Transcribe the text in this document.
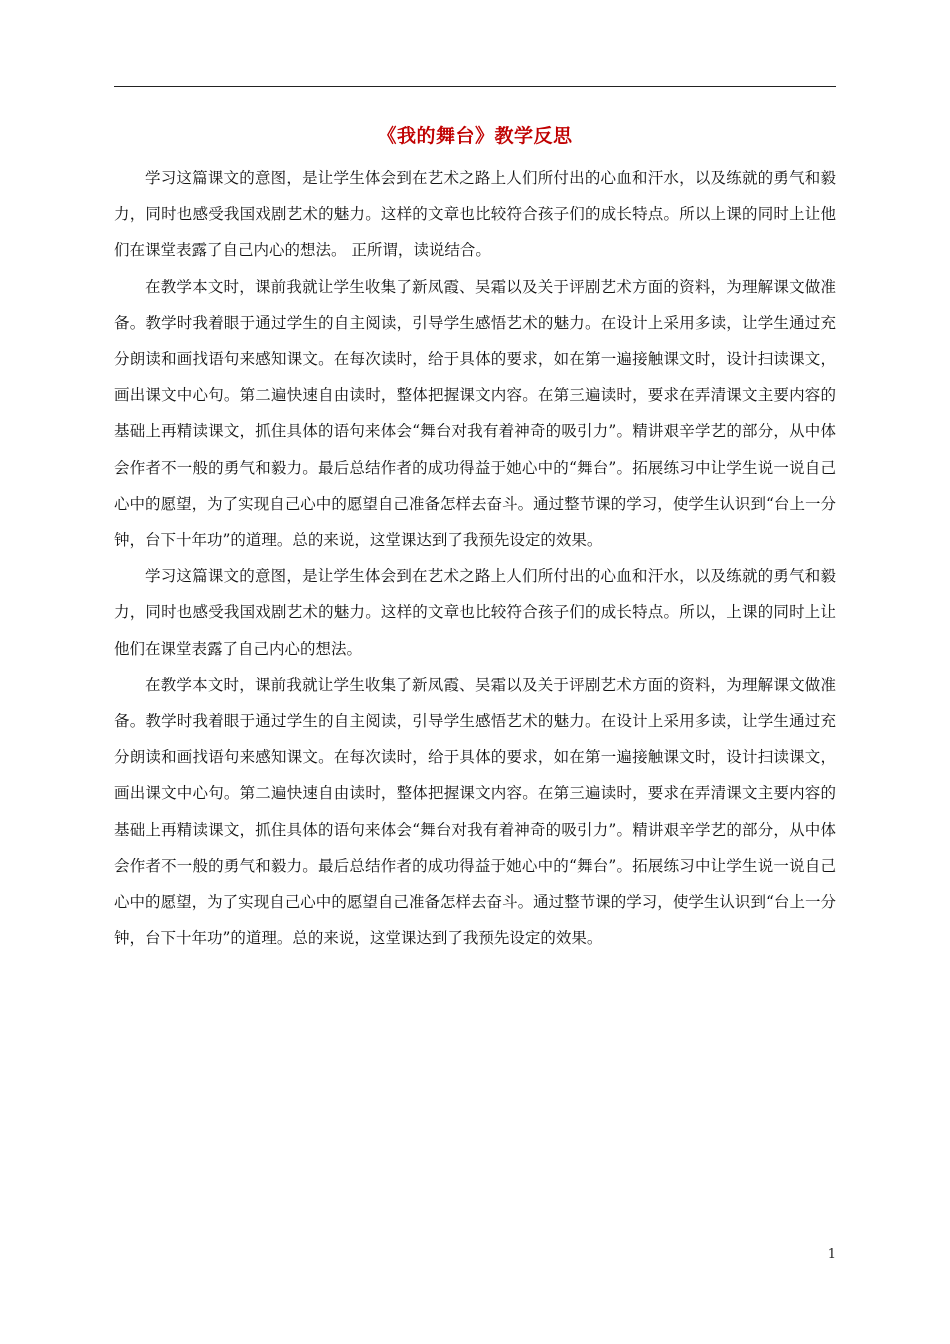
《我的舞台》教学反思

学习这篇课文的意图，是让学生体会到在艺术之路上人们所付出的心血和汗水，以及练就的勇气和毅力，同时也感受我国戏剧艺术的魅力。这样的文章也比较符合孩子们的成长特点。所以上课的同时上让他们在课堂表露了自己内心的想法。 正所谓，读说结合。

在教学本文时，课前我就让学生收集了新凤霞、吴霜以及关于评剧艺术方面的资料，为理解课文做准备。教学时我着眼于通过学生的自主阅读，引导学生感悟艺术的魅力。在设计上采用多读，让学生通过充分朗读和画找语句来感知课文。在每次读时，给于具体的要求，如在第一遍接触课文时，设计扫读课文，画出课文中心句。第二遍快速自由读时，整体把握课文内容。在第三遍读时，要求在弄清课文主要内容的基础上再精读课文，抓住具体的语句来体会“舞台对我有着神奇的吸引力”。精讲艰辛学艺的部分，从中体会作者不一般的勇气和毅力。最后总结作者的成功得益于她心中的“舞台”。拓展练习中让学生说一说自己心中的愿望，为了实现自己心中的愿望自己准备怎样去奋斗。通过整节课的学习，使学生认识到“台上一分钟，台下十年功”的道理。总的来说，这堂课达到了我预先设定的效果。

学习这篇课文的意图，是让学生体会到在艺术之路上人们所付出的心血和汗水，以及练就的勇气和毅力，同时也感受我国戏剧艺术的魅力。这样的文章也比较符合孩子们的成长特点。所以，上课的同时上让他们在课堂表露了自己内心的想法。

在教学本文时，课前我就让学生收集了新凤霞、吴霜以及关于评剧艺术方面的资料，为理解课文做准备。教学时我着眼于通过学生的自主阅读，引导学生感悟艺术的魅力。在设计上采用多读，让学生通过充分朗读和画找语句来感知课文。在每次读时，给于具体的要求，如在第一遍接触课文时，设计扫读课文，画出课文中心句。第二遍快速自由读时，整体把握课文内容。在第三遍读时，要求在弄清课文主要内容的基础上再精读课文，抓住具体的语句来体会“舞台对我有着神奇的吸引力”。精讲艰辛学艺的部分，从中体会作者不一般的勇气和毅力。最后总结作者的成功得益于她心中的“舞台”。拓展练习中让学生说一说自己心中的愿望，为了实现自己心中的愿望自己准备怎样去奋斗。通过整节课的学习，使学生认识到“台上一分钟，台下十年功”的道理。总的来说，这堂课达到了我预先设定的效果。

1
